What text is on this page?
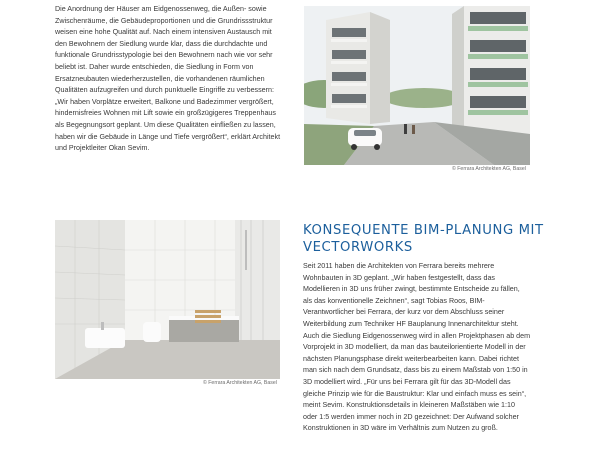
Die Anordnung der Häuser am Eidgenossenweg, die Außen- sowie
Zwischenräume, die Gebäudeproportionen und die Grundrissstruktur
weisen eine hohe Qualität auf. Nach einem intensiven Austausch mit
den Bewohnern der Siedlung wurde klar, dass die durchdachte und
funktionale Grundrisstypologie bei den Bewohnern nach wie vor sehr
beliebt ist. Daher wurde entschieden, die Siedlung in Form von
Ersatzneubauten wiederherzustellen, die vorhandenen räumlichen
Qualitäten aufzugreifen und durch punktuelle Eingriffe zu verbessern:
„Wir haben Vorplätze erweitert, Balkone und Badezimmer vergrößert,
hindernisfreies Wohnen mit Lift sowie ein großzügigeres Treppenhaus
als Begegnungsort geplant. Um diese Qualitäten einfließen zu lassen,
haben wir die Gebäude in Länge und Tiefe vergrößert“, erklärt Architekt
und Projektleiter Okan Sevim.
© Ferrara Architekten AG, Basel
© Ferrara Architekten AG, Basel
KONSEQUENTE BIM-PLANUNG MIT
VECTORWORKS
Seit 2011 haben die Architekten von Ferrara bereits mehrere
Wohnbauten in 3D geplant. „Wir haben festgestellt, dass das
Modellieren in 3D uns früher zwingt, bestimmte Entscheide zu fällen,
als das konventionelle Zeichnen“, sagt Tobias Roos, BIM-
Verantwortlicher bei Ferrara, der kurz vor dem Abschluss seiner
Weiterbildung zum Techniker HF Bauplanung Innenarchitektur steht.
Auch die Siedlung Eidgenossenweg wird in allen Projektphasen ab dem
Vorprojekt in 3D modelliert, da man das bauteilorientierte Modell in der
nächsten Planungsphase direkt weiterbearbeiten kann. Dabei richtet
man sich nach dem Grundsatz, dass bis zu einem Maßstab von 1:50 in
3D modelliert wird. „Für uns bei Ferrara gilt für das 3D-Modell das
gleiche Prinzip wie für die Baustruktur: Klar und einfach muss es sein“,
meint Sevim. Konstruktionsdetails in kleineren Maßstäben wie 1:10
oder 1:5 werden immer noch in 2D gezeichnet: Der Aufwand solcher
Konstruktionen in 3D wäre im Verhältnis zum Nutzen zu groß.
